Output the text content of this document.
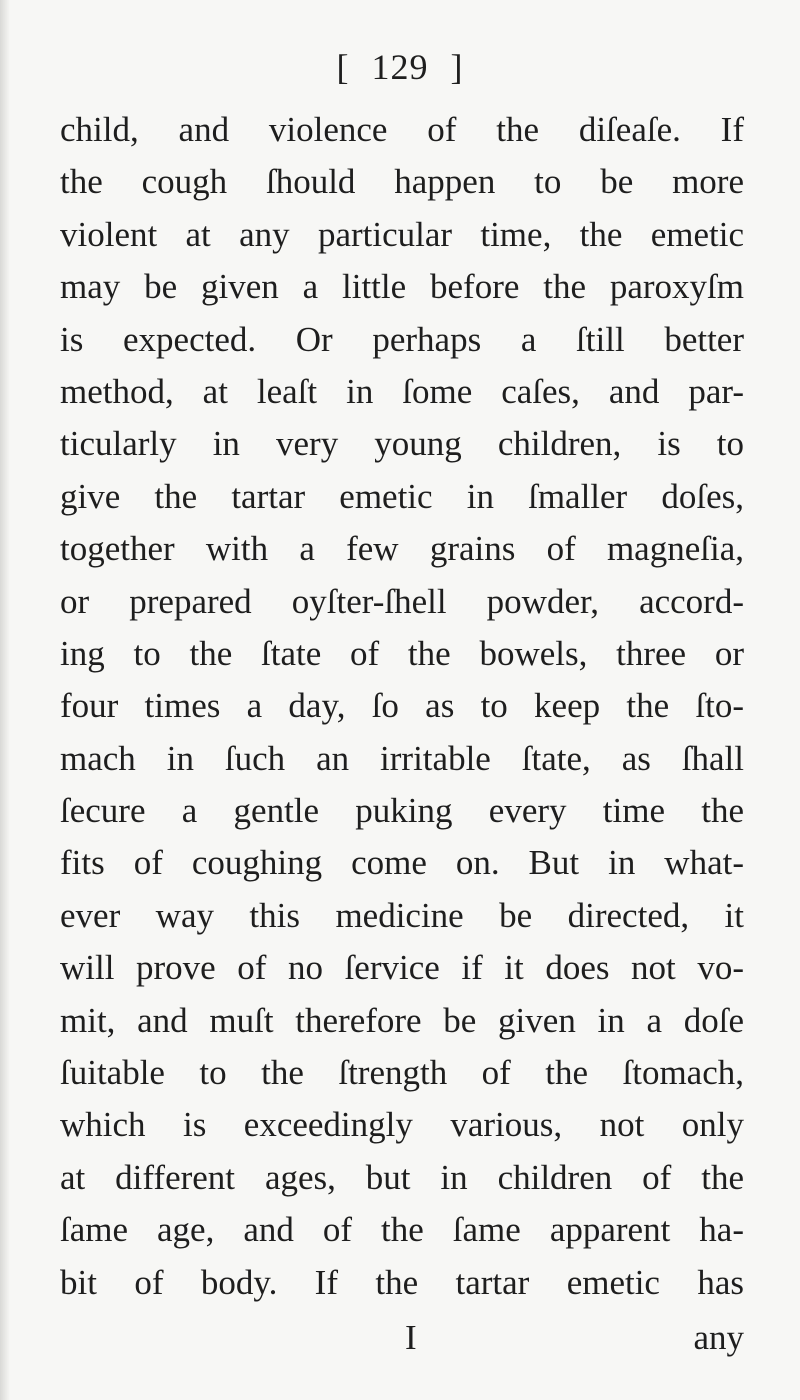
[ 129 ]
child, and violence of the diſeaſe. If
the cough ſhould happen to be more
violent at any particular time, the emetic
may be given a little before the paroxyſm
is expected. Or perhaps a ſtill better
method, at leaſt in ſome caſes, and par-
ticularly in very young children, is to
give the tartar emetic in ſmaller doſes,
together with a few grains of magneſia,
or prepared oyſter-ſhell powder, accord-
ing to the ſtate of the bowels, three or
four times a day, ſo as to keep the ſto-
mach in ſuch an irritable ſtate, as ſhall
ſecure a gentle puking every time the
fits of coughing come on. But in what-
ever way this medicine be directed, it
will prove of no ſervice if it does not vo-
mit, and muſt therefore be given in a doſe
ſuitable to the ſtrength of the ſtomach,
which is exceedingly various, not only
at different ages, but in children of the
ſame age, and of the ſame apparent ha-
bit of body. If the tartar emetic has
I	any
